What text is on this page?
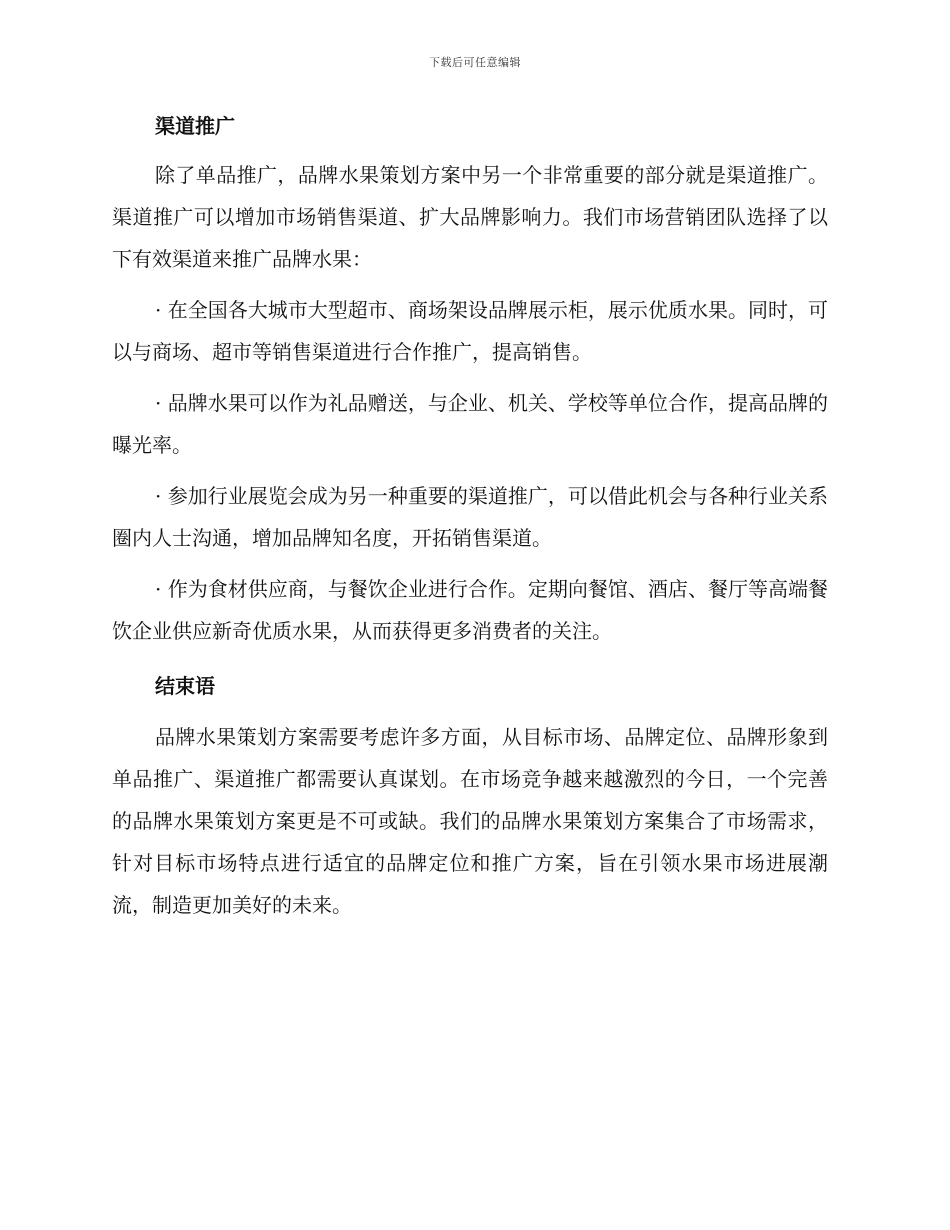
下载后可任意编辑
渠道推广

除了单品推广，品牌水果策划方案中另一个非常重要的部分就是渠道推广。渠道推广可以增加市场销售渠道、扩大品牌影响力。我们市场营销团队选择了以下有效渠道来推广品牌水果：

· 在全国各大城市大型超市、商场架设品牌展示柜，展示优质水果。同时，可以与商场、超市等销售渠道进行合作推广，提高销售。

· 品牌水果可以作为礼品赠送，与企业、机关、学校等单位合作，提高品牌的曝光率。

· 参加行业展览会成为另一种重要的渠道推广，可以借此机会与各种行业关系圈内人士沟通，增加品牌知名度，开拓销售渠道。

· 作为食材供应商，与餐饮企业进行合作。定期向餐馆、酒店、餐厅等高端餐饮企业供应新奇优质水果，从而获得更多消费者的关注。

结束语

品牌水果策划方案需要考虑许多方面，从目标市场、品牌定位、品牌形象到单品推广、渠道推广都需要认真谋划。在市场竞争越来越激烈的今日，一个完善的品牌水果策划方案更是不可或缺。我们的品牌水果策划方案集合了市场需求，针对目标市场特点进行适宜的品牌定位和推广方案，旨在引领水果市场进展潮流，制造更加美好的未来。
